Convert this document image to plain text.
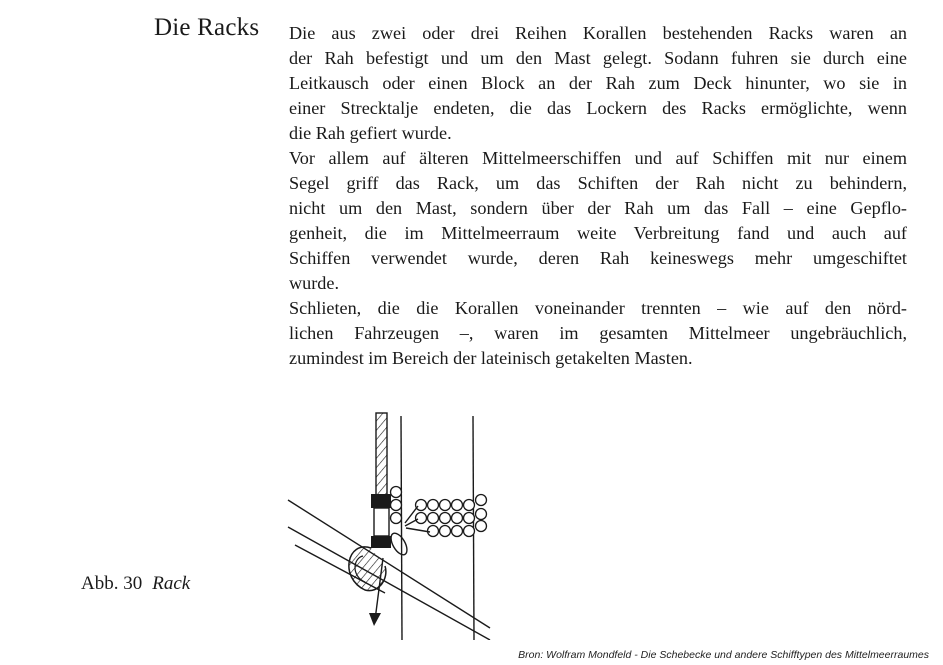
Die Racks Die aus zwei oder drei Reihen Korallen bestehenden Racks waren an
der Rah befestigt und um den Mast gelegt. Sodann fuhren sie durch eine
Leitkausch oder einen Block an der Rah zum Deck hinunter, wo sie in
einer Strecktalje endeten, die das Lockern des Racks ermöglichte, wenn
die Rah gefiert wurde.

Vor allem auf älteren Mittelmeerschiffen und auf Schiffen mit nur einem
Segel griff das Rack, um das Schiften der Rah nicht zu behindern,
nicht um den Mast, sondern über der Rah um das Fall – eine Gepflo-
genheit, die im Mittelmeerraum weite Verbreitung fand und auch auf
Schiffen verwendet wurde, deren Rah keineswegs mehr umgeschiftet
wurde.

Schlieten, die die Korallen voneinander trennten – wie auf den nörd-
lichen Fahrzeugen –, waren im gesamten Mittelmeer ungebräuchlich,
zumindest im Bereich der lateinisch getakelten Masten.

Abb. 30 Rack
Bron: Wolfram Mondfeld - Die Schebecke und andere Schifftypen des Mittelmeerraumes
